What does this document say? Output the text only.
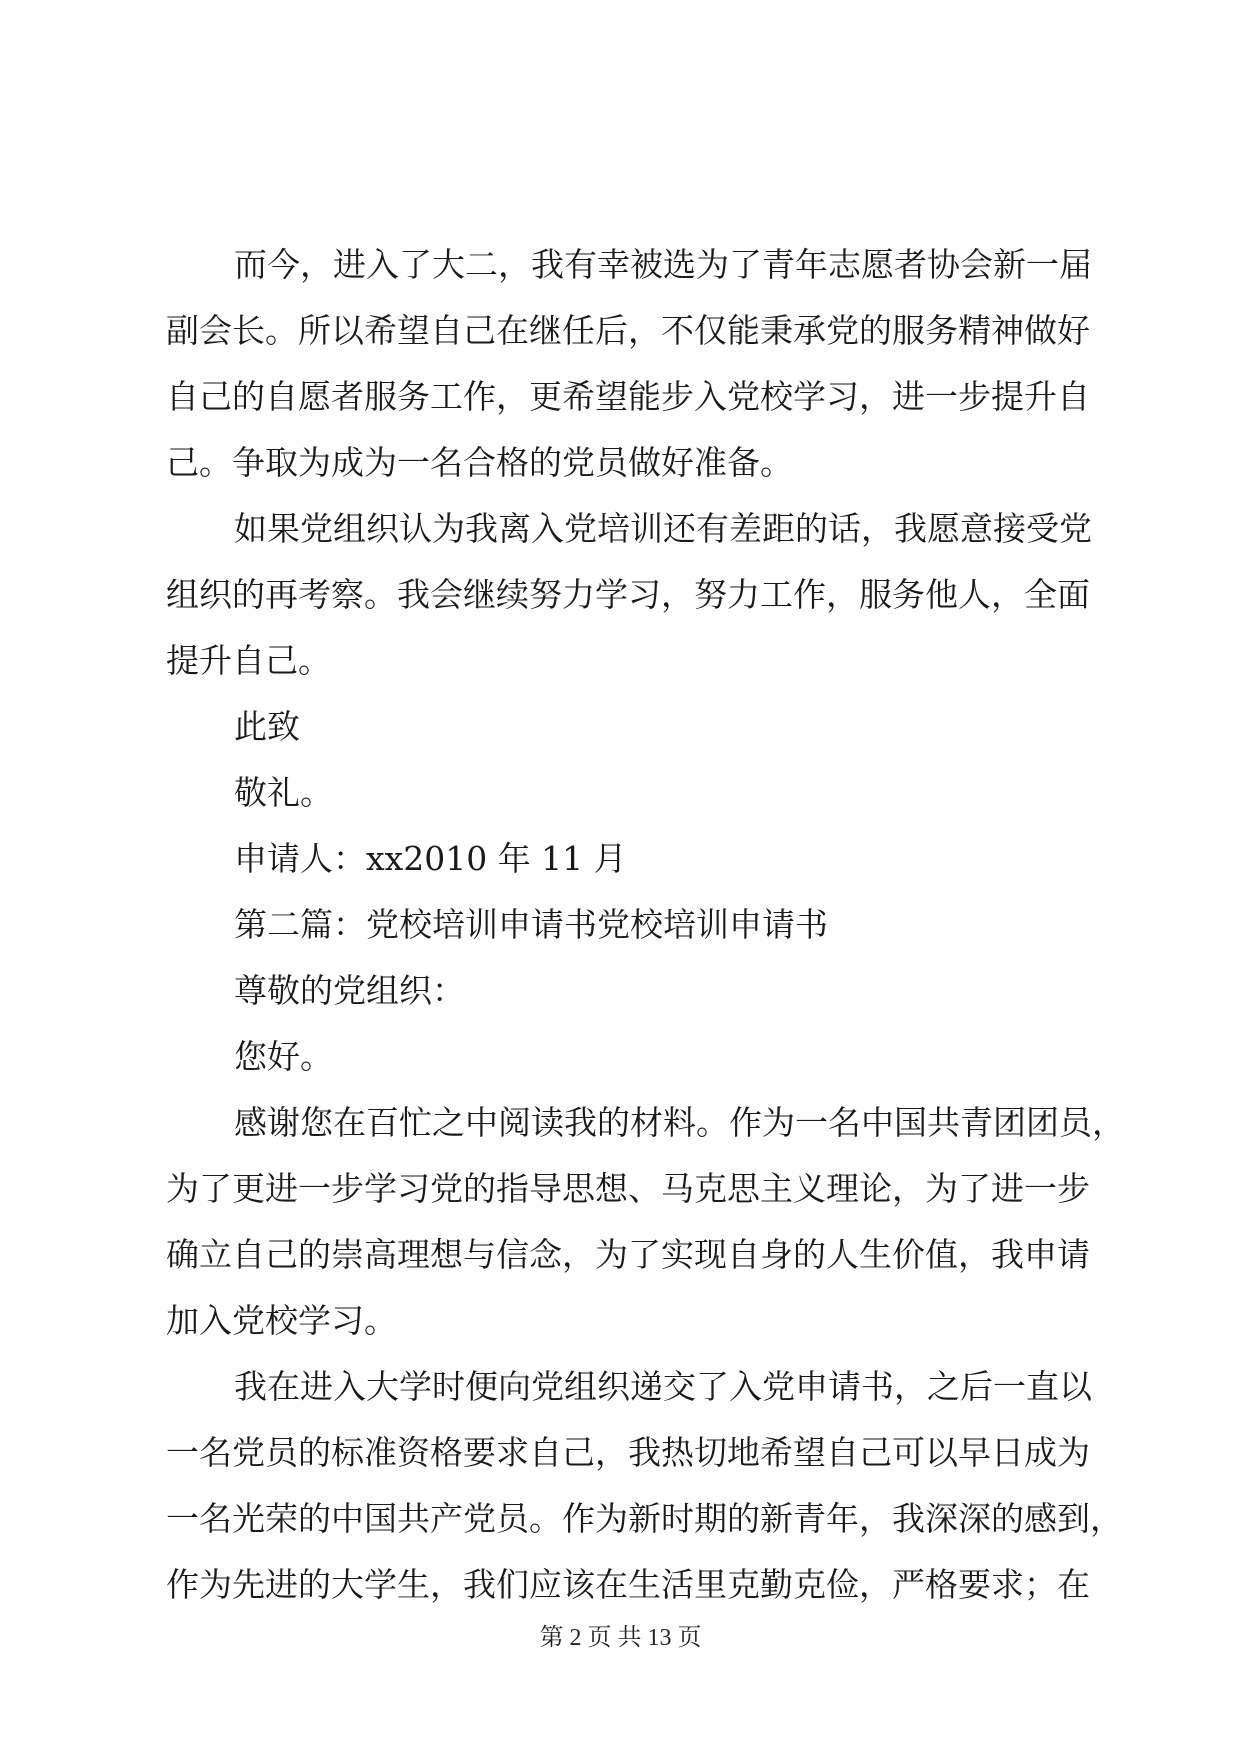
而今，进入了大二，我有幸被选为了青年志愿者协会新一届
副会长。所以希望自己在继任后，不仅能秉承党的服务精神做好
自己的自愿者服务工作，更希望能步入党校学习，进一步提升自
己。争取为成为一名合格的党员做好准备。
如果党组织认为我离入党培训还有差距的话，我愿意接受党
组织的再考察。我会继续努力学习，努力工作，服务他人，全面
提升自己。
此致
敬礼。
申请人：xx2010 年 11 月
第二篇：党校培训申请书党校培训申请书
尊敬的党组织：
您好。
感谢您在百忙之中阅读我的材料。作为一名中国共青团团员，
为了更进一步学习党的指导思想、马克思主义理论，为了进一步
确立自己的崇高理想与信念，为了实现自身的人生价值，我申请
加入党校学习。
我在进入大学时便向党组织递交了入党申请书，之后一直以
一名党员的标准资格要求自己，我热切地希望自己可以早日成为
一名光荣的中国共产党员。作为新时期的新青年，我深深的感到，
作为先进的大学生，我们应该在生活里克勤克俭，严格要求；在
第 2 页 共 13 页
